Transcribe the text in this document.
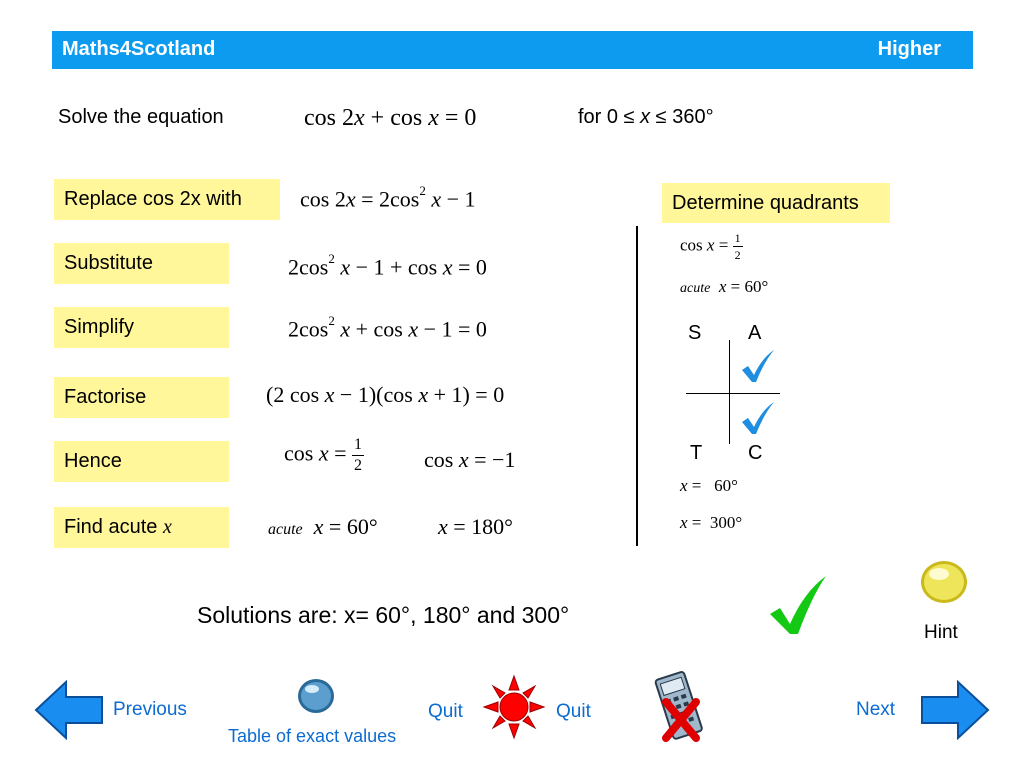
Maths4Scotland	Higher
Solve the equation	cos 2x + cos x = 0	for 0 ≤ x ≤ 360°
Replace cos 2x with
Substitute
Simplify
Factorise
Hence
Find acute
x
$\cos 2x = 2\cos^2$ x − 1
$2\cos^2$ x − 1 + cos x = 0
$2\cos^2$ x + cos x − 1 = 0
(2 cos x − 1)(cos x + 1) = 0
$\cos x = \frac{1}{2}$	cos x = −1
acute x = 60°	x = 180°
Determine quadrants
$\cos x = \frac{1}{2}$
acute x = 60°
S A
T C
x =   60°
x =  300°
Solutions are: x= 60°, 180° and 300°
Hint
Previous
Table of exact values
Quit	Quit	Next
